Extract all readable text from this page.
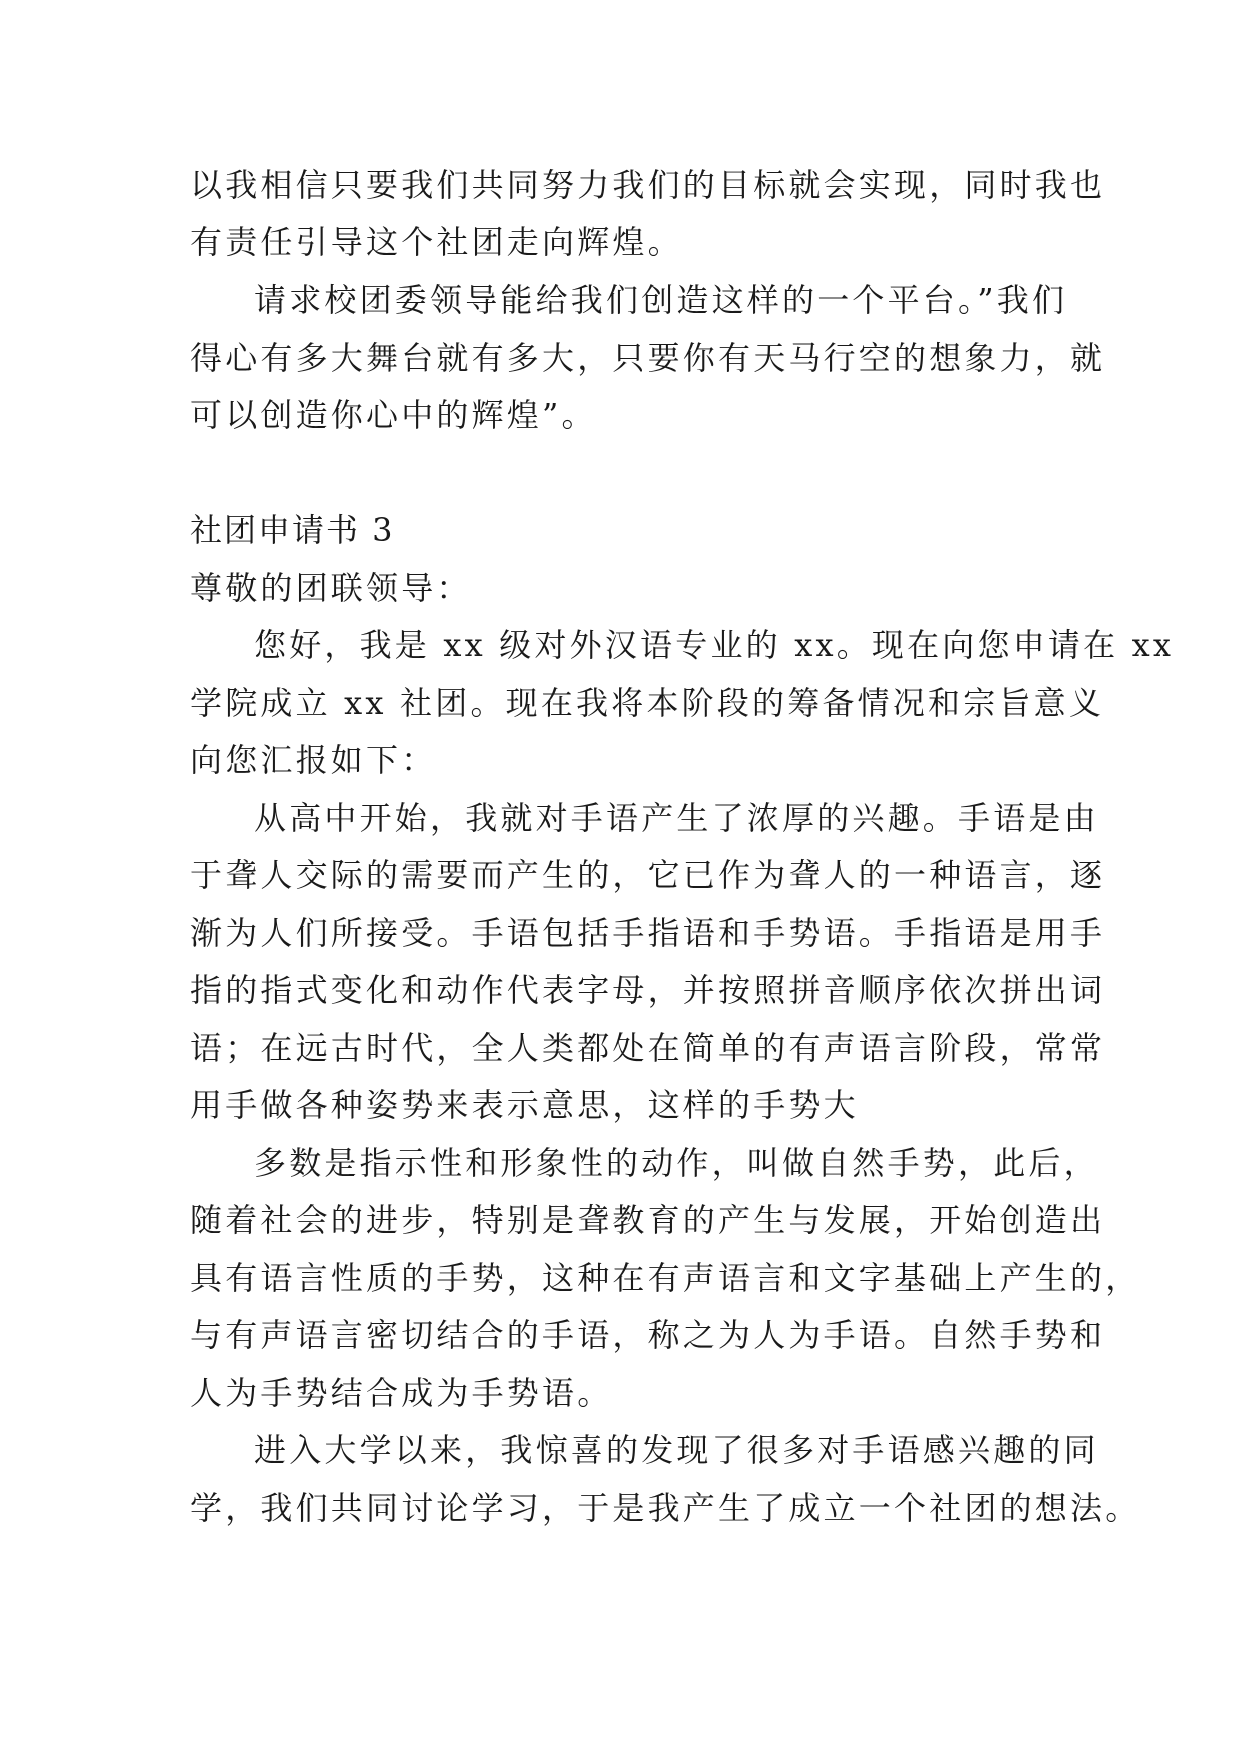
以我相信只要我们共同努力我们的目标就会实现，同时我也
有责任引导这个社团走向辉煌。
请求校团委领导能给我们创造这样的一个平台。”我们
得心有多大舞台就有多大，只要你有天马行空的想象力，就
可以创造你心中的辉煌”。
社团申请书 3
尊敬的团联领导：
您好，我是 xx 级对外汉语专业的 xx。现在向您申请在 xx
学院成立 xx 社团。现在我将本阶段的筹备情况和宗旨意义
向您汇报如下：
从高中开始，我就对手语产生了浓厚的兴趣。手语是由
于聋人交际的需要而产生的，它已作为聋人的一种语言，逐
渐为人们所接受。手语包括手指语和手势语。手指语是用手
指的指式变化和动作代表字母，并按照拼音顺序依次拼出词
语；在远古时代，全人类都处在简单的有声语言阶段，常常
用手做各种姿势来表示意思，这样的手势大
多数是指示性和形象性的动作，叫做自然手势，此后，
随着社会的进步，特别是聋教育的产生与发展，开始创造出
具有语言性质的手势，这种在有声语言和文字基础上产生的，
与有声语言密切结合的手语，称之为人为手语。自然手势和
人为手势结合成为手势语。
进入大学以来，我惊喜的发现了很多对手语感兴趣的同
学，我们共同讨论学习，于是我产生了成立一个社团的想法。
